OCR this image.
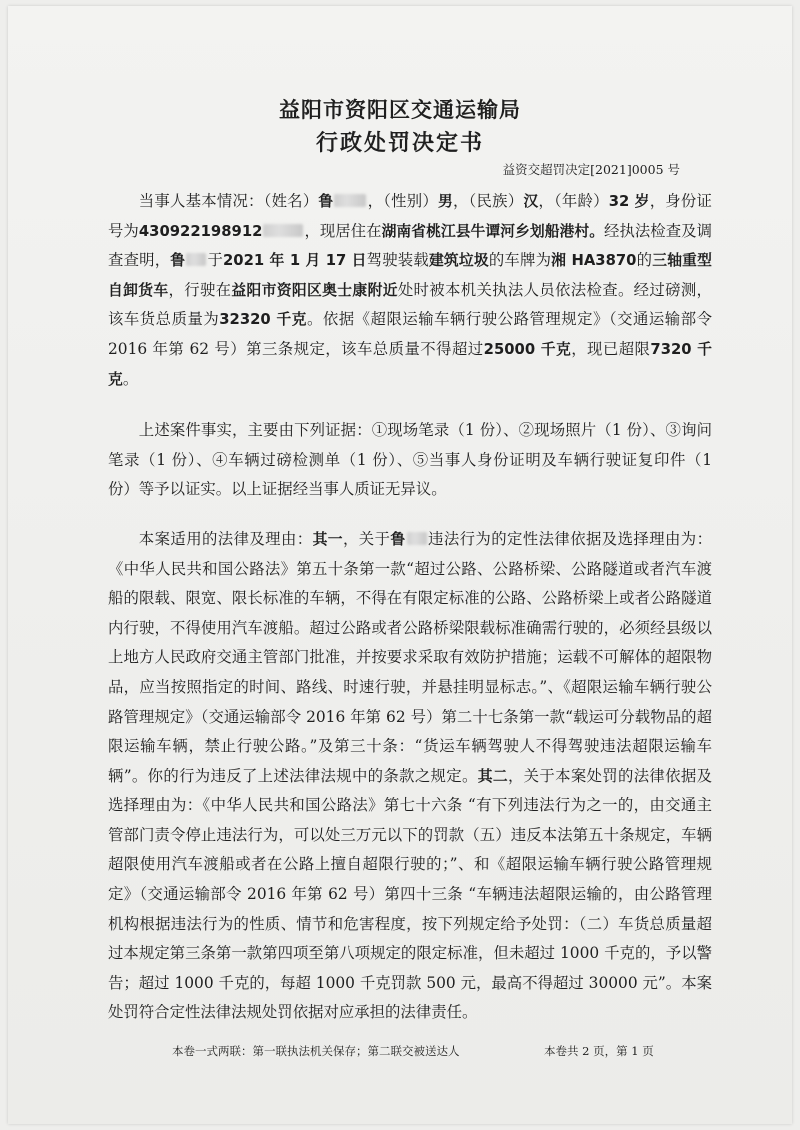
益阳市资阳区交通运输局
行政处罚决定书
益资交超罚决定[2021]0005 号

当事人基本情况：（姓名）鲁 ，（性别）男，（民族）汉，（年龄）32 岁，身份证号为430922198912	，现居住在湖南省桃江县牛谭河乡划船港村。经执法检查及调查查明，鲁 于2021 年 1 月 17 日驾驶装载建筑垃圾的车牌为湘 HA3870的三轴重型自卸货车，行驶在益阳市资阳区奥士康附近处时被本机关执法人员依法检查。经过磅测，该车货总质量为32320 千克。依据《超限运输车辆行驶公路管理规定》（交通运输部令 2016 年第 62 号）第三条规定，该车总质量不得超过25000 千克，现已超限7320 千克。

上述案件事实，主要由下列证据：①现场笔录（1 份）、②现场照片（1 份）、③询问笔录（1 份）、④车辆过磅检测单（1 份）、⑤当事人身份证明及车辆行驶证复印件（1 份）等予以证实。以上证据经当事人质证无异议。

本案适用的法律及理由：其一，关于鲁 违法行为的定性法律依据及选择理由为：《中华人民共和国公路法》第五十条第一款“超过公路、公路桥梁、公路隧道或者汽车渡船的限载、限宽、限长标准的车辆，不得在有限定标准的公路、公路桥梁上或者公路隧道内行驶，不得使用汽车渡船。超过公路或者公路桥梁限载标准确需行驶的，必须经县级以上地方人民政府交通主管部门批准，并按要求采取有效防护措施；运载不可解体的超限物品，应当按照指定的时间、路线、时速行驶，并悬挂明显标志。”、《超限运输车辆行驶公路管理规定》（交通运输部令 2016 年第 62 号）第二十七条第一款“载运可分载物品的超限运输车辆，禁止行驶公路。”及第三十条：“货运车辆驾驶人不得驾驶违法超限运输车辆”。你的行为违反了上述法律法规中的条款之规定。其二，关于本案处罚的法律依据及选择理由为：《中华人民共和国公路法》第七十六条 “有下列违法行为之一的，由交通主管部门责令停止违法行为，可以处三万元以下的罚款（五）违反本法第五十条规定，车辆超限使用汽车渡船或者在公路上擅自超限行驶的；”、和《超限运输车辆行驶公路管理规定》（交通运输部令 2016 年第 62 号）第四十三条 “车辆违法超限运输的，由公路管理机构根据违法行为的性质、情节和危害程度，按下列规定给予处罚：（二）车货总质量超过本规定第三条第一款第四项至第八项规定的限定标准，但未超过 1000 千克的，予以警告；超过 1000 千克的，每超 1000 千克罚款 500 元，最高不得超过 30000 元”。本案处罚符合定性法律法规处罚依据对应承担的法律责任。

本卷一式两联：第一联执法机关保存；第二联交被送达人	本卷共 2 页，第 1 页
